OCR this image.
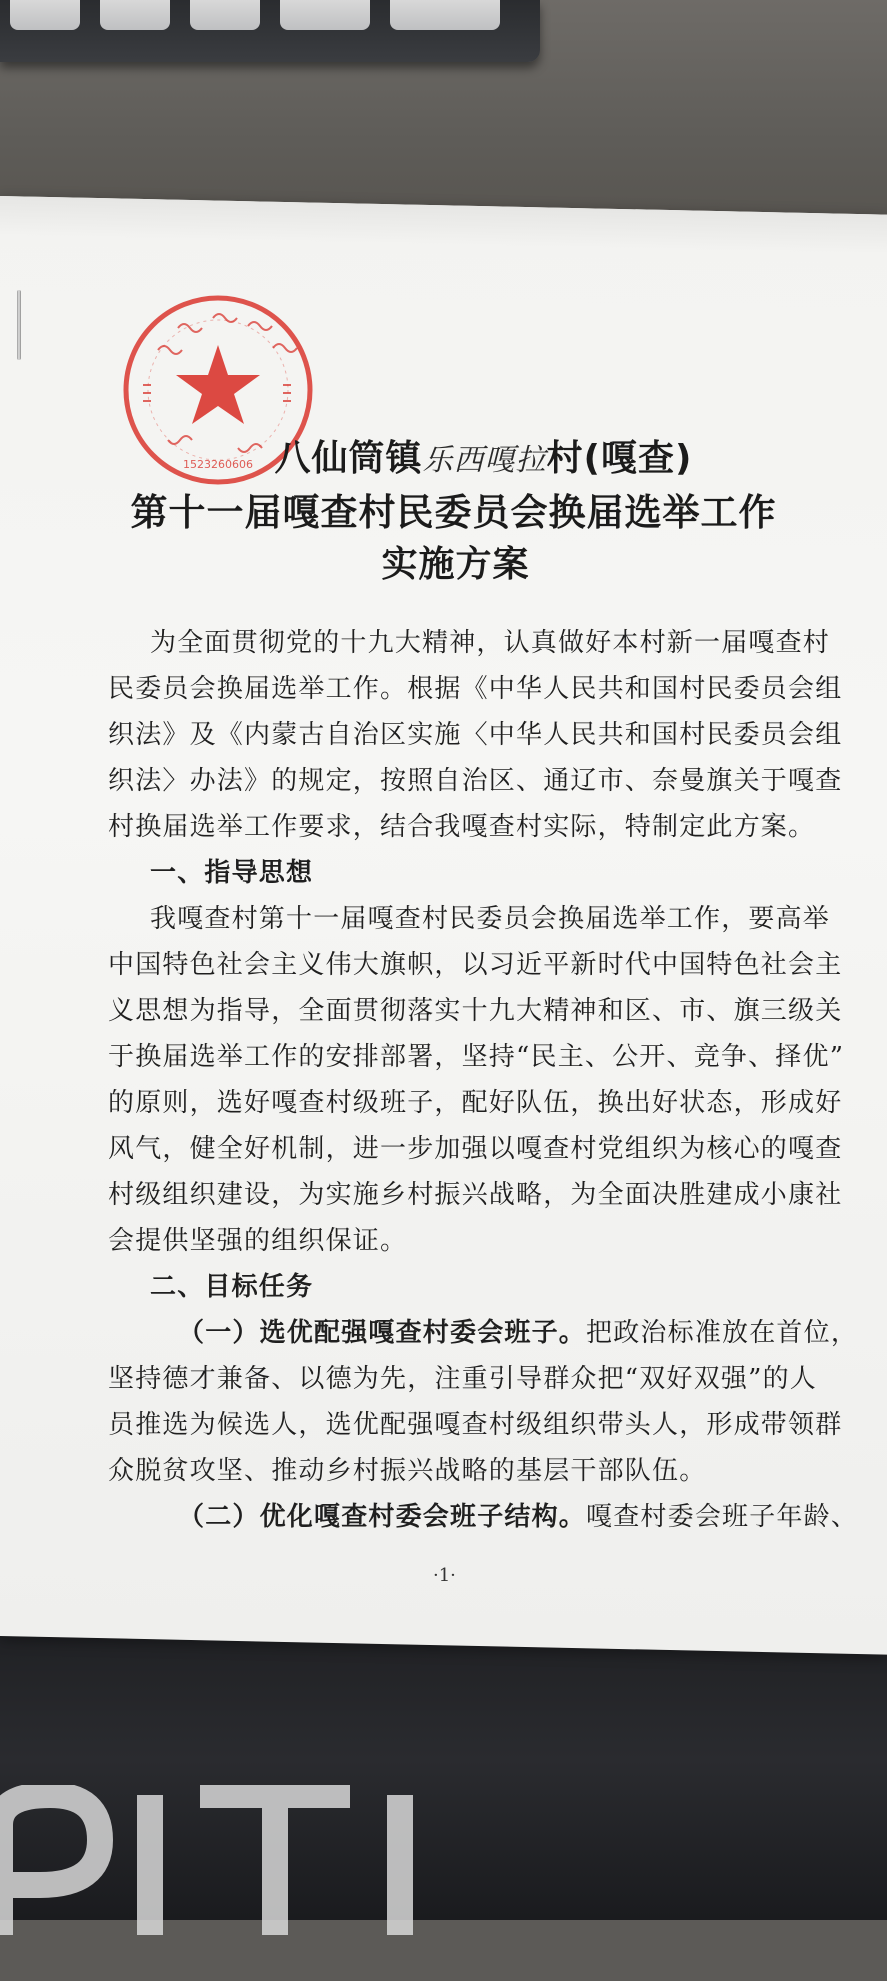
1523260606 八仙筒镇乐西嘎拉村(嘎查)
第十一届嘎查村民委员会换届选举工作
实施方案
为全面贯彻党的十九大精神，认真做好本村新一届嘎查村
民委员会换届选举工作。根据《中华人民共和国村民委员会组
织法》及《内蒙古自治区实施〈中华人民共和国村民委员会组
织法〉办法》的规定，按照自治区、通辽市、奈曼旗关于嘎查
村换届选举工作要求，结合我嘎查村实际，特制定此方案。
一、指导思想
我嘎查村第十一届嘎查村民委员会换届选举工作，要高举
中国特色社会主义伟大旗帜，以习近平新时代中国特色社会主
义思想为指导，全面贯彻落实十九大精神和区、市、旗三级关
于换届选举工作的安排部署，坚持“民主、公开、竞争、择优”
的原则，选好嘎查村级班子，配好队伍，换出好状态，形成好
风气，健全好机制，进一步加强以嘎查村党组织为核心的嘎查
村级组织建设，为实施乡村振兴战略，为全面决胜建成小康社
会提供坚强的组织保证。
二、目标任务
（一）选优配强嘎查村委会班子。把政治标准放在首位，
坚持德才兼备、以德为先，注重引导群众把“双好双强”的人
员推选为候选人，选优配强嘎查村级组织带头人，形成带领群
众脱贫攻坚、推动乡村振兴战略的基层干部队伍。
（二）优化嘎查村委会班子结构。嘎查村委会班子年龄、
·1·
